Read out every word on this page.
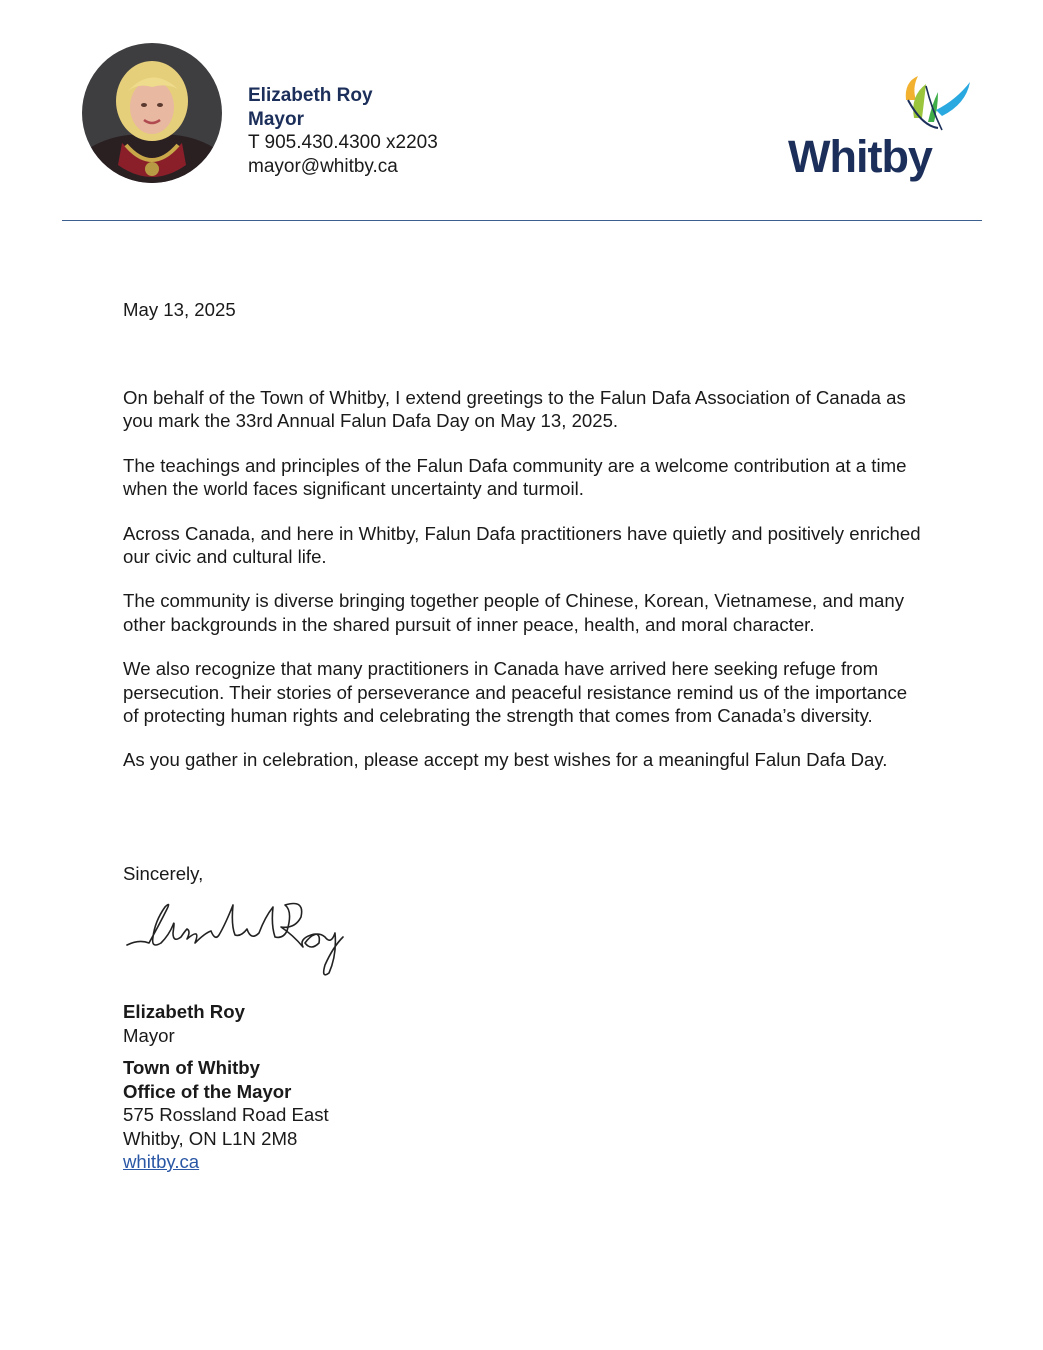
Elizabeth Roy
Mayor
T 905.430.4300 x2203
mayor@whitby.ca	Whitby
May 13, 2025

On behalf of the Town of Whitby, I extend greetings to the Falun Dafa Association of Canada as you mark the 33rd Annual Falun Dafa Day on May 13, 2025.

The teachings and principles of the Falun Dafa community are a welcome contribution at a time when the world faces significant uncertainty and turmoil.

Across Canada, and here in Whitby, Falun Dafa practitioners have quietly and positively enriched our civic and cultural life.

The community is diverse bringing together people of Chinese, Korean, Vietnamese, and many other backgrounds in the shared pursuit of inner peace, health, and moral character.

We also recognize that many practitioners in Canada have arrived here seeking refuge from persecution. Their stories of perseverance and peaceful resistance remind us of the importance of protecting human rights and celebrating the strength that comes from Canada’s diversity.

As you gather in celebration, please accept my best wishes for a meaningful Falun Dafa Day.

Sincerely,
Elizabeth Roy
Mayor
Town of Whitby
Office of the Mayor
575 Rossland Road East
Whitby, ON L1N 2M8
whitby.ca
